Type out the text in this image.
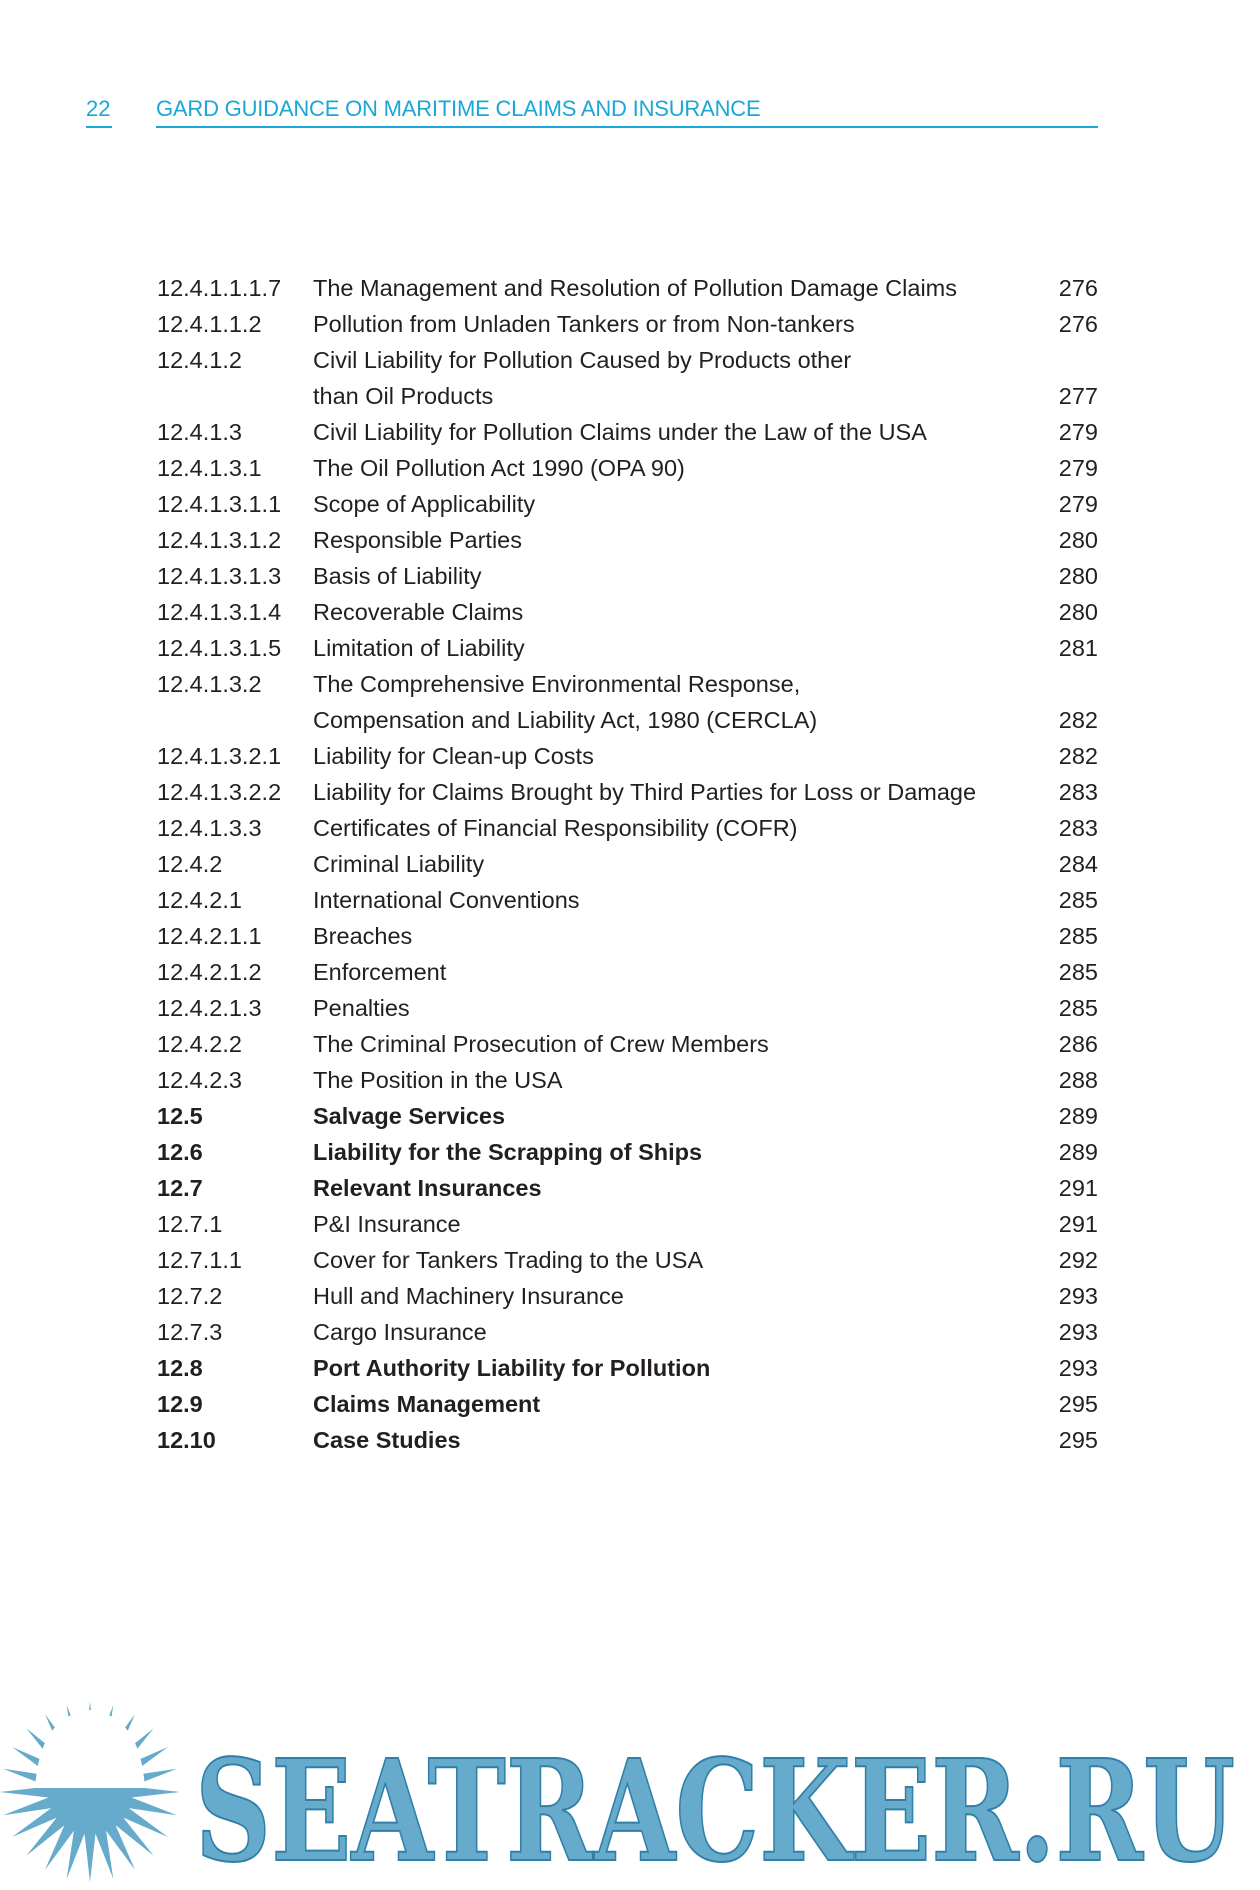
22 GARD GUIDANCE ON MARITIME CLAIMS AND INSURANCE
12.4.1.1.1.7	The Management and Resolution of Pollution Damage Claims	276
12.4.1.1.2	Pollution from Unladen Tankers or from Non-tankers	276
12.4.1.2	Civil Liability for Pollution Caused by Products other
than Oil Products	277
12.4.1.3	Civil Liability for Pollution Claims under the Law of the USA	279
12.4.1.3.1	The Oil Pollution Act 1990 (OPA 90)	279
12.4.1.3.1.1	Scope of Applicability	279
12.4.1.3.1.2	Responsible Parties	280
12.4.1.3.1.3	Basis of Liability	280
12.4.1.3.1.4	Recoverable Claims	280
12.4.1.3.1.5	Limitation of Liability	281
12.4.1.3.2	The Comprehensive Environmental Response,
Compensation and Liability Act, 1980 (CERCLA)	282
12.4.1.3.2.1	Liability for Clean-up Costs	282
12.4.1.3.2.2	Liability for Claims Brought by Third Parties for Loss or Damage	283
12.4.1.3.3	Certificates of Financial Responsibility (COFR)	283
12.4.2	Criminal Liability	284
12.4.2.1	International Conventions	285
12.4.2.1.1	Breaches	285
12.4.2.1.2	Enforcement	285
12.4.2.1.3	Penalties	285
12.4.2.2	The Criminal Prosecution of Crew Members	286
12.4.2.3	The Position in the USA	288
12.5	Salvage Services	289
12.6	Liability for the Scrapping of Ships	289
12.7	Relevant Insurances	291
12.7.1	P&I Insurance	291
12.7.1.1	Cover for Tankers Trading to the USA	292
12.7.2	Hull and Machinery Insurance	293
12.7.3	Cargo Insurance	293
12.8	Port Authority Liability for Pollution	293
12.9	Claims Management	295
12.10	Case Studies	295
SEATRACKER.RU
